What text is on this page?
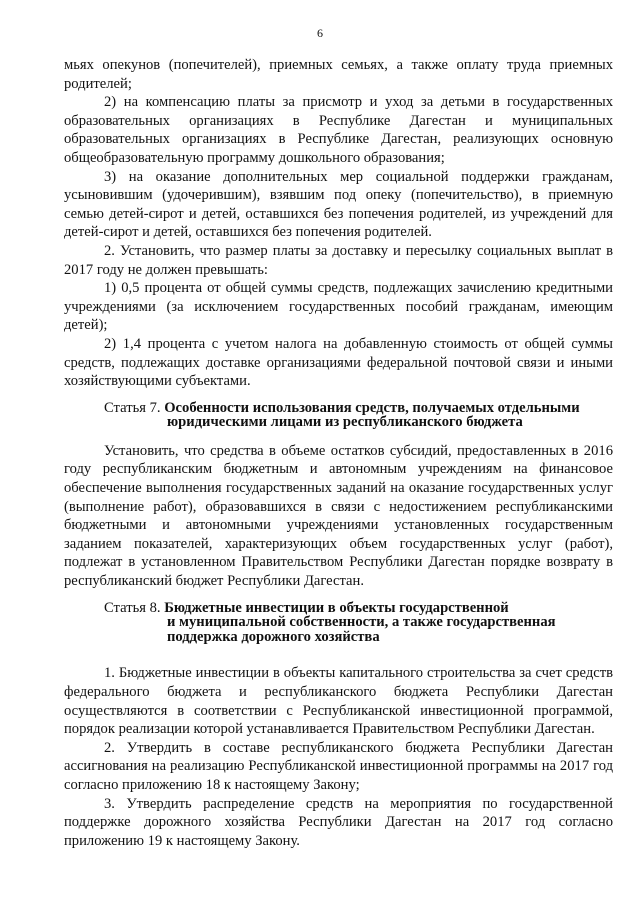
6

мьях опекунов (попечителей), приемных семьях, а также оплату труда приемных родителей;

2) на компенсацию платы за присмотр и уход за детьми в государственных образовательных организациях в Республике Дагестан и муниципальных образовательных организациях в Республике Дагестан, реализующих основную общеобразовательную программу дошкольного образования;

3) на оказание дополнительных мер социальной поддержки гражданам, усыновившим (удочерившим), взявшим под опеку (попечительство), в приемную семью детей-сирот и детей, оставшихся без попечения родителей, из учреждений для детей-сирот и детей, оставшихся без попечения родителей.

2. Установить, что размер платы за доставку и пересылку социальных выплат в 2017 году не должен превышать:

1) 0,5 процента от общей суммы средств, подлежащих зачислению кредитными учреждениями (за исключением государственных пособий гражданам, имеющим детей);

2) 1,4 процента с учетом налога на добавленную стоимость от общей суммы средств, подлежащих доставке организациями федеральной почтовой связи и иными хозяйствующими субъектами.

Статья 7. Особенности использования средств, получаемых отдельными
юридическими лицами из республиканского бюджета

Установить, что средства в объеме остатков субсидий, предоставленных в 2016 году республиканским бюджетным и автономным учреждениям на финансовое обеспечение выполнения государственных заданий на оказание государственных услуг (выполнение работ), образовавшихся в связи с недостижением республиканскими бюджетными и автономными учреждениями установленных государственным заданием показателей, характеризующих объем государственных услуг (работ), подлежат в установленном Правительством Республики Дагестан порядке возврату в республиканский бюджет Республики Дагестан.

Статья 8. Бюджетные инвестиции в объекты государственной
и муниципальной собственности, а также государственная
поддержка дорожного хозяйства

1. Бюджетные инвестиции в объекты капитального строительства за счет средств федерального бюджета и республиканского бюджета Республики Дагестан осуществляются в соответствии с Республиканской инвестиционной программой, порядок реализации которой устанавливается Правительством Республики Дагестан.

2. Утвердить в составе республиканского бюджета Республики Дагестан ассигнования на реализацию Республиканской инвестиционной программы на 2017 год согласно приложению 18 к настоящему Закону;

3. Утвердить распределение средств на мероприятия по государственной поддержке дорожного хозяйства Республики Дагестан на 2017 год согласно приложению 19 к настоящему Закону.
